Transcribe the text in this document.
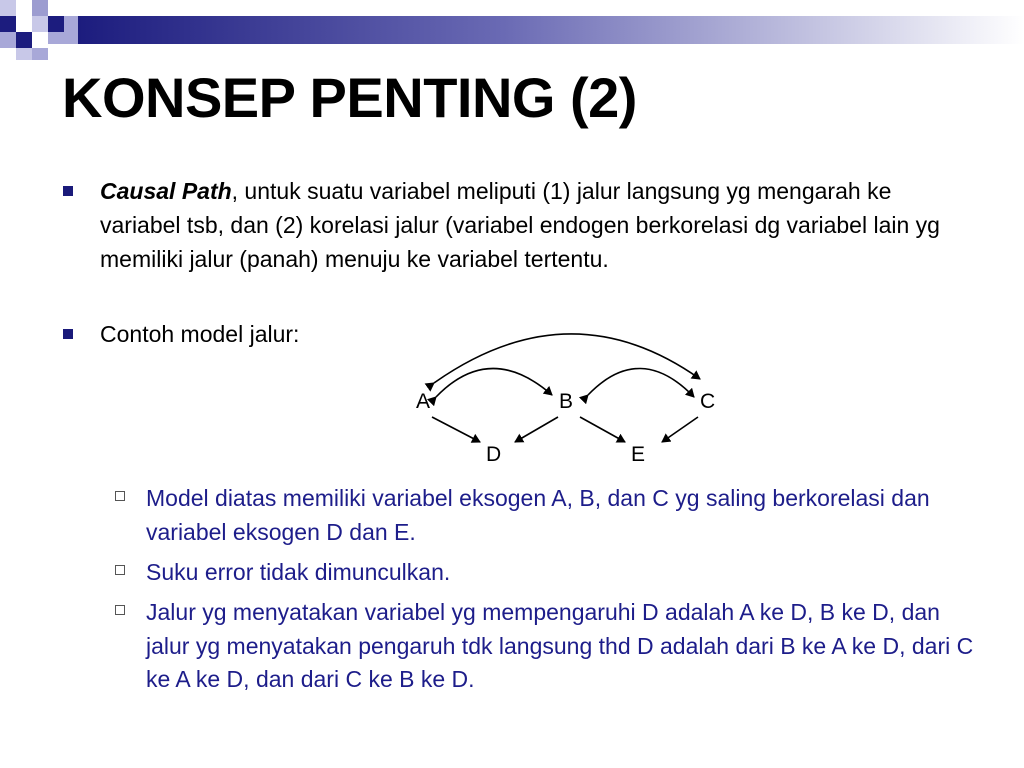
KONSEP PENTING (2)
Causal Path, untuk suatu variabel meliputi (1) jalur langsung yg mengarah ke variabel tsb, dan (2) korelasi jalur (variabel endogen berkorelasi dg variabel lain yg memiliki jalur (panah) menuju ke variabel tertentu.
Contoh model jalur:
A	B	C
D	E
Model diatas memiliki variabel eksogen A, B, dan C yg saling berkorelasi dan variabel eksogen D dan E.
Suku error tidak dimunculkan.
Jalur yg menyatakan variabel yg mempengaruhi D adalah A ke D, B ke D, dan jalur yg menyatakan pengaruh tdk langsung thd D adalah dari B ke A ke D, dari C ke A ke D, dan dari C ke B ke D.
